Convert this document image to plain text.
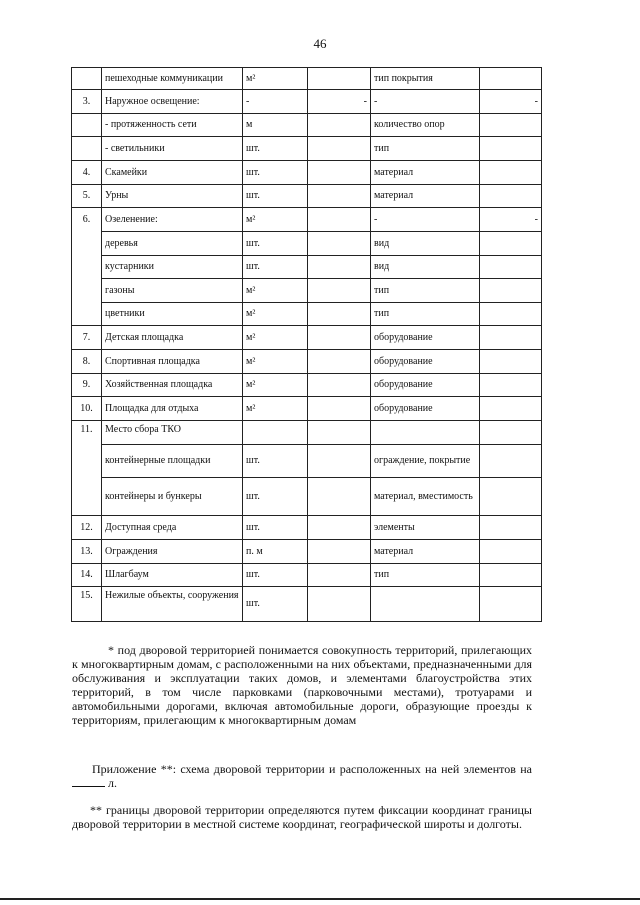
46
	пешеходные коммуникации	м²		тип покрытия	
3.	Наружное освещение:	-	-	-	-
	- протяженность сети	м		количество опор	
	- светильники	шт.		тип	
4.	Скамейки	шт.		материал	
5.	Урны	шт.		материал	
6.	Озеленение:	м²		-	-
	деревья	шт.		вид	
	кустарники	шт.		вид	
	газоны	м²		тип	
	цветники	м²		тип	
7.	Детская площадка	м²		оборудование	
8.	Спортивная площадка	м²		оборудование	
9.	Хозяйственная площадка	м²		оборудование	
10.	Площадка для отдыха	м²		оборудование	
11.	Место сбора ТКО				
	контейнерные площадки	шт.		ограждение, покрытие	
	контейнеры и бункеры	шт.		материал, вместимость	
12.	Доступная среда	шт.		элементы	
13.	Ограждения	п. м		материал	
14.	Шлагбаум	шт.		тип	
15.	Нежилые объекты, сооружения	шт.			

* под дворовой территорией понимается совокупность территорий, прилегающих к многоквартирным домам, с расположенными на них объектами, предназначенными для обслуживания и эксплуатации таких домов, и элементами благоустройства этих территорий, в том числе парковками (парковочными местами), тротуарами и автомобильными дорогами, включая автомобильные дороги, образующие проезды к территориям, прилегающим к многоквартирным домам

Приложение **: схема дворовой территории и расположенных на ней элементов на  л.

** границы дворовой территории определяются путем фиксации координат границы дворовой территории в местной системе координат, географической широты и долготы.
